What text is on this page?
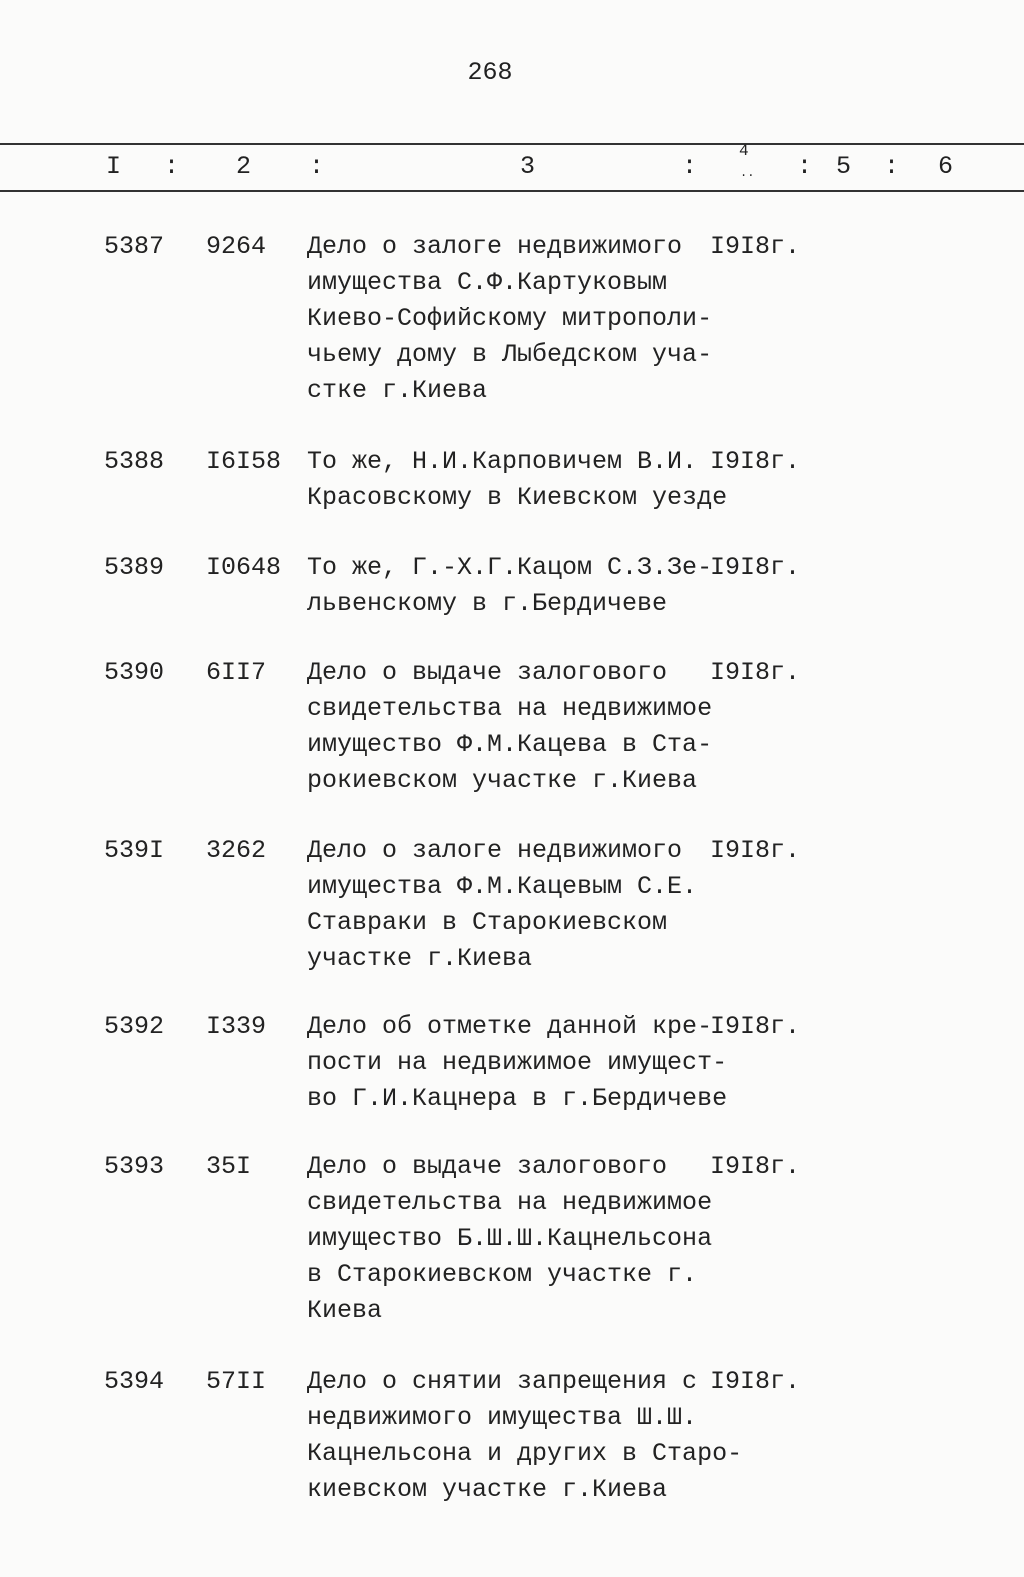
268
I : 2 :	3	:
4
.. : 5 : 6
5387 9264 Дело о залоге недвижимого
имущества С.Ф.Картуковым
Киево-Софийскому митрополи-
чьему дому в Лыбедском уча-
стке г.Киева
I9I8г.
5388 I6I58 То же, Н.И.Карповичем В.И.
Красовскому в Киевском уезде
I9I8г.
5389 I0648 То же, Г.-Х.Г.Кацом С.З.Зе-
львенскому в г.Бердичеве
I9I8г.
5390 6II7 Дело о выдаче залогового
свидетельства на недвижимое
имущество Ф.М.Кацева в Ста-
рокиевском участке г.Киева
I9I8г.
539I 3262 Дело о залоге недвижимого
имущества Ф.М.Кацевым С.Е.
Ставраки в Старокиевском
участке г.Киева
I9I8г.
5392 I339 Дело об отметке данной кре-
пости на недвижимое имущест-
во Г.И.Кацнера в г.Бердичеве
I9I8г.
5393 35I Дело о выдаче залогового
свидетельства на недвижимое
имущество Б.Ш.Ш.Кацнельсона
в Старокиевском участке г.
Киева
I9I8г.
5394 57II Дело о снятии запрещения с
недвижимого имущества Ш.Ш.
Кацнельсона и других в Старо-
киевском участке г.Киева
I9I8г.
